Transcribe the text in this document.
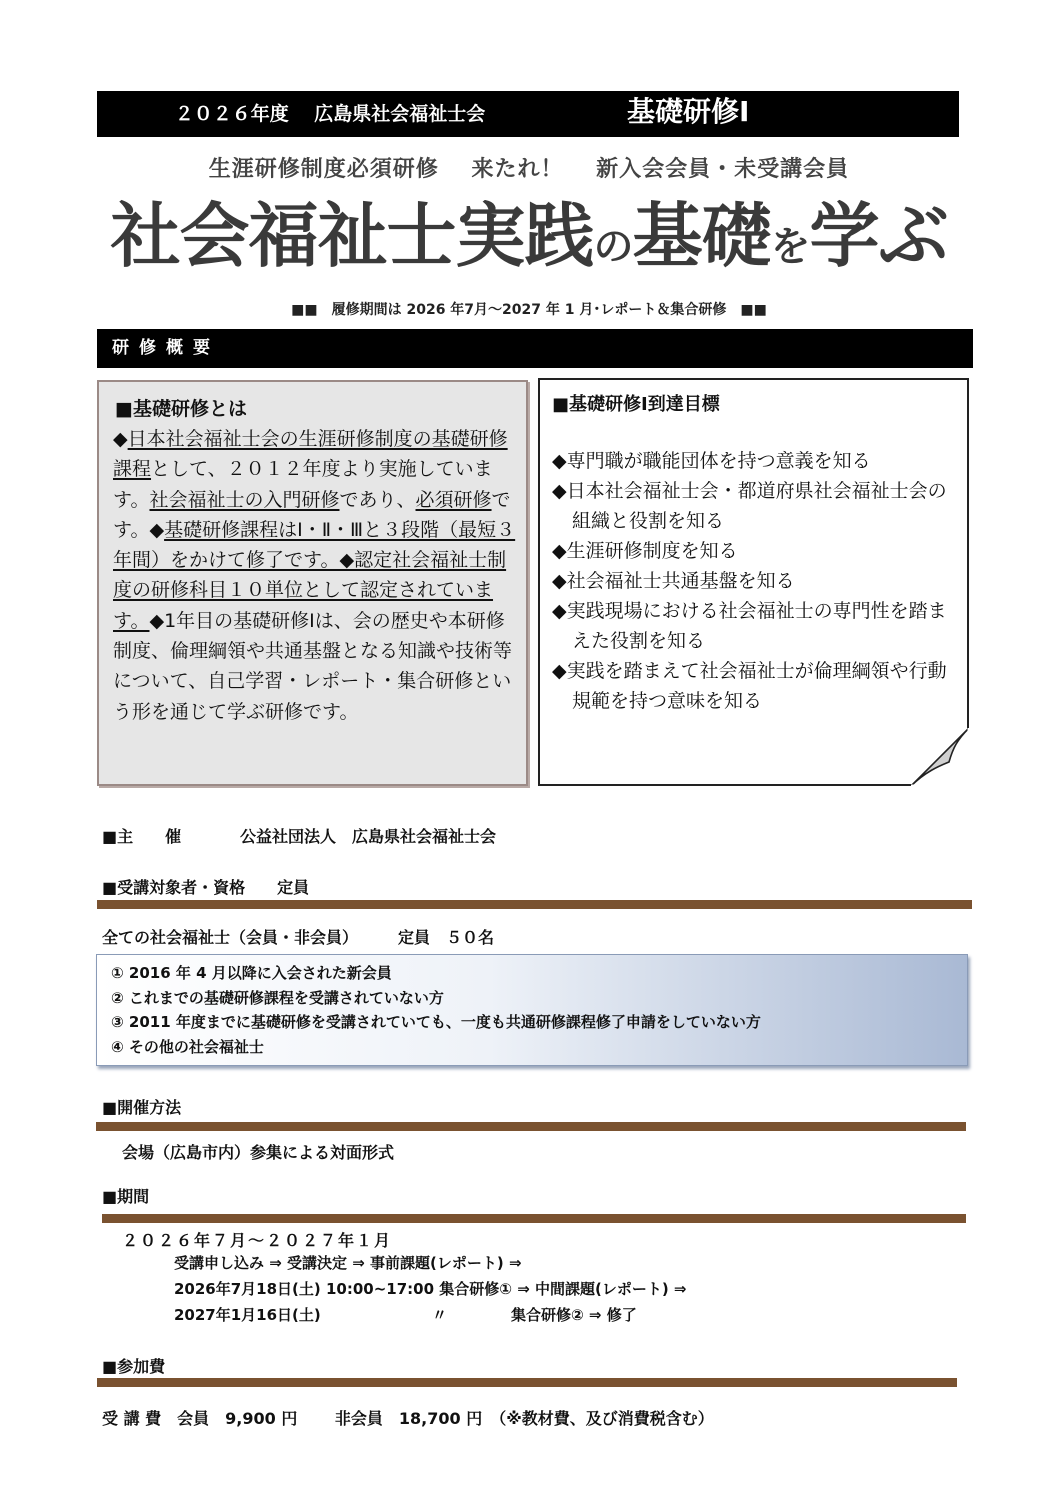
２０２６年度　 広島県社会福祉士会	基礎研修Ⅰ
生涯研修制度必須研修 来たれ！ 新入会会員・未受講会員
社会福祉士実践の基礎を学ぶ
■■　履修期間は 2026 年7月～2027 年 1 月･レポート＆集合研修　■■
研修概要
■基礎研修とは
◆日本社会福祉士会の生涯研修制度の基礎研修課程として、２０１２年度より実施しています。社会福祉士の入門研修であり、必須研修です。◆基礎研修課程はⅠ・Ⅱ・Ⅲと３段階（最短３年間）をかけて修了です。◆認定社会福祉士制度の研修科目１０単位として認定されています。◆1年目の基礎研修Ⅰは、会の歴史や本研修制度、倫理綱領や共通基盤となる知識や技術等について、自己学習・レポート・集合研修という形を通じて学ぶ研修です。
■基礎研修Ⅰ到達目標
◆専門職が職能団体を持つ意義を知る
◆日本社会福祉士会・都道府県社会福祉士会の組織と役割を知る
◆生涯研修制度を知る
◆社会福祉士共通基盤を知る
◆実践現場における社会福祉士の専門性を踏まえた役割を知る
◆実践を踏まえて社会福祉士が倫理綱領や行動規範を持つ意味を知る
■主　　催	公益社団法人　広島県社会福祉士会
■受講対象者・資格　　定員
全ての社会福祉士（会員・非会員）　　　定員　５０名
① 2016 年 4 月以降に入会された新会員
② これまでの基礎研修課程を受講されていない方
③ 2011 年度までに基礎研修を受講されていても、一度も共通研修課程修了申請をしていない方
④ その他の社会福祉士
■開催方法
会場（広島市内）参集による対面形式
■期間
２０２６年７月～２０２７年１月
受講申し込み ⇒ 受講決定 ⇒ 事前課題(レポート) ⇒
2026年7月18日(土) 10:00~17:00 集合研修① ⇒ 中間課題(レポート) ⇒
2027年1月16日(土)	〃	集合研修② ⇒ 修了
■参加費
受 講 費　会員　9,900 円　　 非会員　18,700 円　（※教材費、及び消費税含む）
